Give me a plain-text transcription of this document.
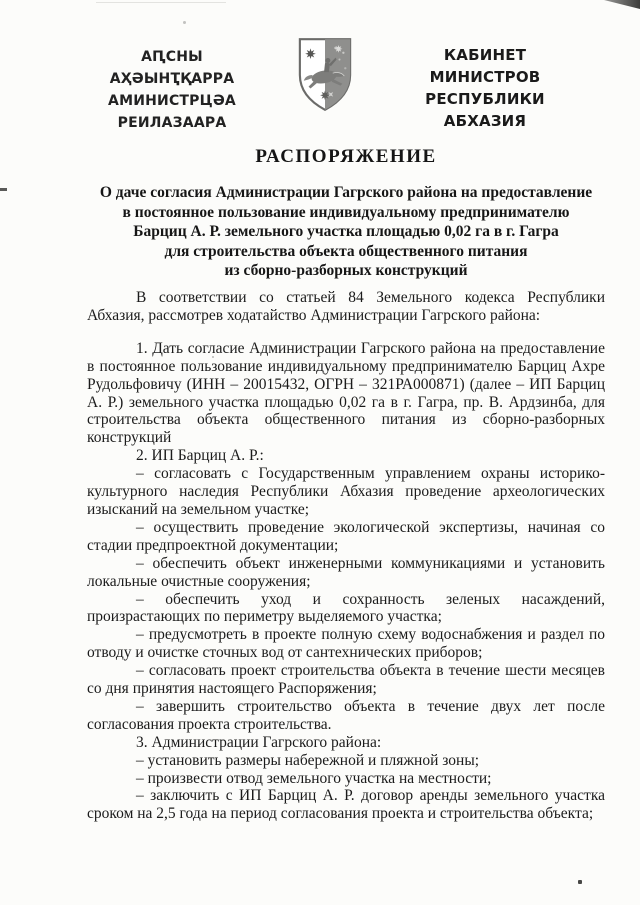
АԤСНЫ АҲӘЫНҬҚАРРА
АМИНИСТРЦӘА РЕИЛАЗААРА
КАБИНЕТ МИНИСТРОВ
РЕСПУБЛИКИ АБХАЗИЯ
РАСПОРЯЖЕНИЕ
О даче согласия Администрации Гагрского района на предоставление
в постоянное пользование индивидуальному предпринимателю
Барциц А. Р. земельного участка площадью 0,02 га в г. Гагра
для строительства объекта общественного питания
из сборно-разборных конструкций

В соответствии со статьей 84 Земельного кодекса Республики Абхазия, рассмотрев ходатайство Администрации Гагрского района:

1. Дать согласие Администрации Гагрского района на предоставление в постоянное пользование индивидуальному предпринимателю Барциц Ахре Рудольфовичу (ИНН – 20015432, ОГРН – 321РА000871) (далее – ИП Барциц А. Р.) земельного участка площадью 0,02 га в г. Гагра, пр. В. Ардзинба, для строительства объекта общественного питания из сборно-разборных конструкций

2. ИП Барциц А. Р.:

– согласовать с Государственным управлением охраны историко-культурного наследия Республики Абхазия проведение археологических изысканий на земельном участке;

– осуществить проведение экологической экспертизы, начиная со стадии предпроектной документации;

– обеспечить объект инженерными коммуникациями и установить локальные очистные сооружения;

– обеспечить уход и сохранность зеленых насаждений, произрастающих по периметру выделяемого участка;

– предусмотреть в проекте полную схему водоснабжения и раздел по отводу и очистке сточных вод от сантехнических приборов;

– согласовать проект строительства объекта в течение шести месяцев со дня принятия настоящего Распоряжения;

– завершить строительство объекта в течение двух лет после согласования проекта строительства.

3. Администрации Гагрского района:

– установить размеры набережной и пляжной зоны;

– произвести отвод земельного участка на местности;

– заключить с ИП Барциц А. Р. договор аренды земельного участка сроком на 2,5 года на период согласования проекта и строительства объекта;
